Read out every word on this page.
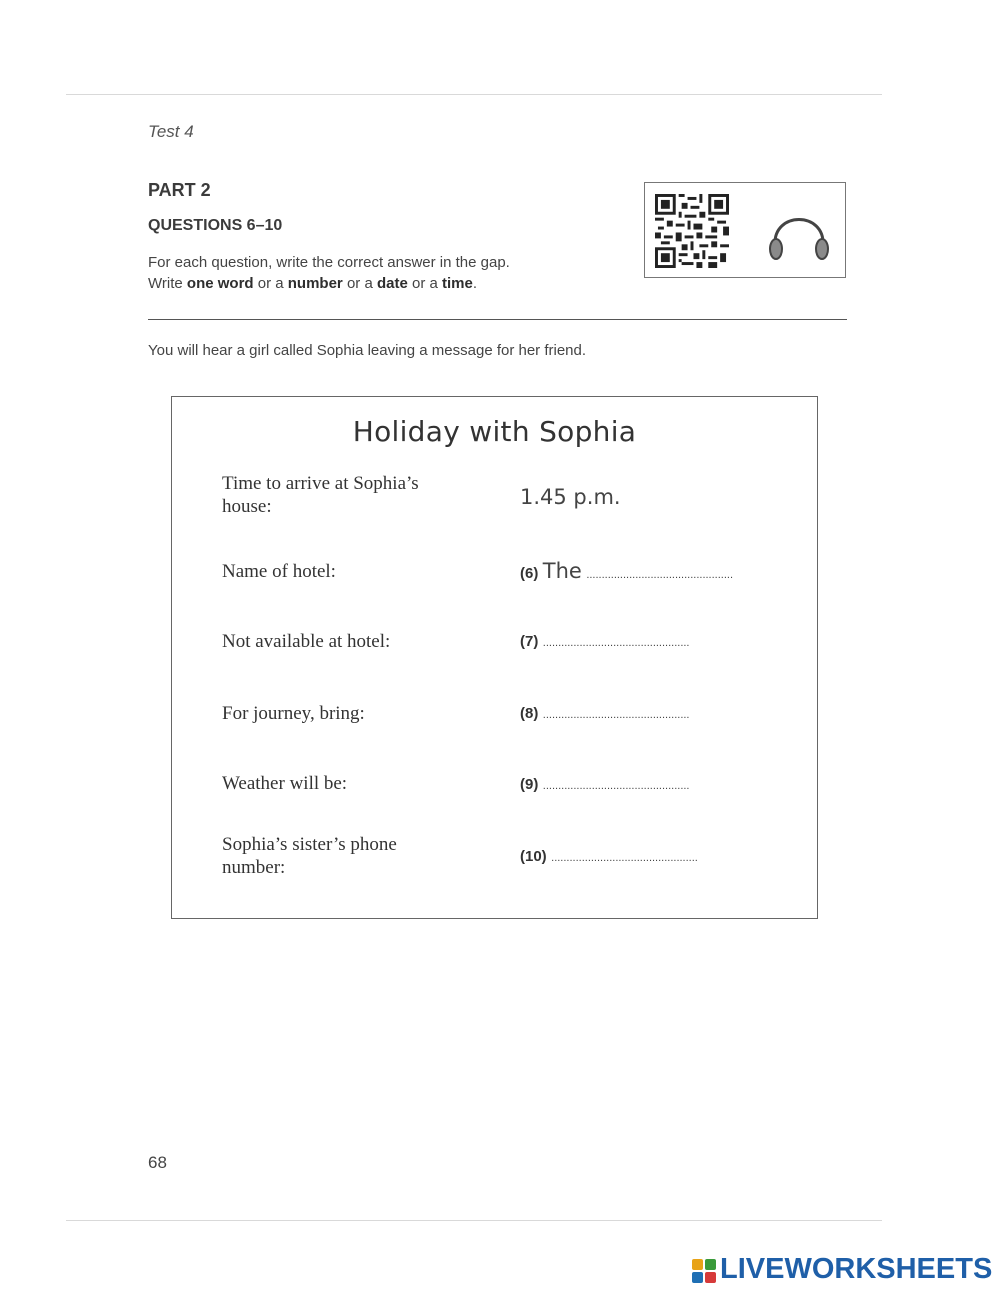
Test 4
PART 2
QUESTIONS 6–10
For each question, write the correct answer in the gap.
Write one word or a number or a date or a time.
You will hear a girl called Sophia leaving a message for her friend.
Holiday with Sophia
Time to arrive at Sophia’s house:	1.45 p.m.
Name of hotel:	(6) The ................................................
Not available at hotel:	(7) ................................................
For journey, bring:	(8) ................................................
Weather will be:	(9) ................................................
Sophia’s sister’s phone number:
(10) ................................................
68
LIVEWORKSHEETS
